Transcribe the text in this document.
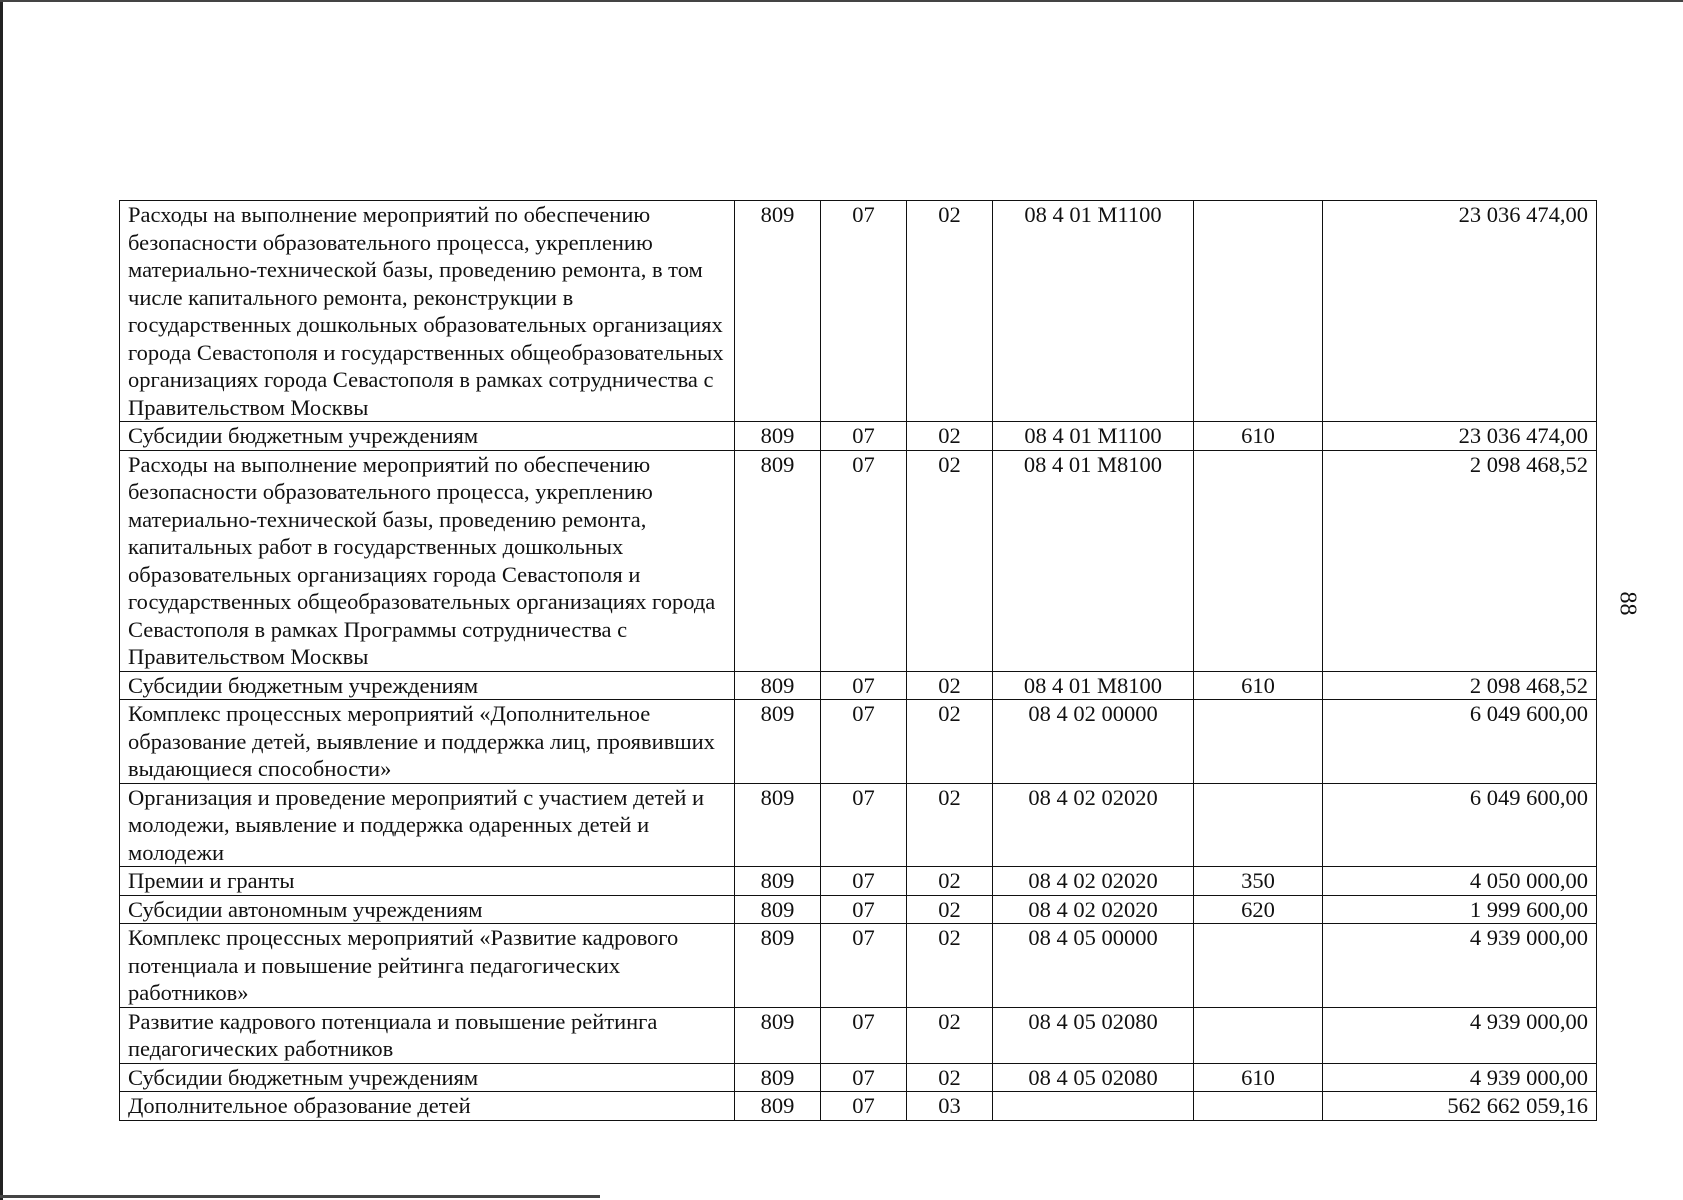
88
Расходы на выполнение мероприятий по обеспечению безопасности образовательного процесса, укреплению материально-технической базы, проведению ремонта, в том числе капитального ремонта, реконструкции в государственных дошкольных образовательных организациях города Севастополя и государственных общеобразовательных организациях города Севастополя в рамках сотрудничества с Правительством Москвы	809	07	02	08 4 01 М1100		23 036 474,00
Субсидии бюджетным учреждениям	809	07	02	08 4 01 М1100	610	23 036 474,00
Расходы на выполнение мероприятий по обеспечению безопасности образовательного процесса, укреплению материально-технической базы, проведению ремонта, капитальных работ в государственных дошкольных образовательных организациях города Севастополя и государственных общеобразовательных организациях города Севастополя в рамках Программы сотрудничества с Правительством Москвы	809	07	02	08 4 01 М8100		2 098 468,52
Субсидии бюджетным учреждениям	809	07	02	08 4 01 М8100	610	2 098 468,52
Комплекс процессных мероприятий «Дополнительное образование детей, выявление и поддержка лиц, проявивших выдающиеся способности»	809	07	02	08 4 02 00000		6 049 600,00
Организация и проведение мероприятий с участием детей и молодежи, выявление и поддержка одаренных детей и молодежи	809	07	02	08 4 02 02020		6 049 600,00
Премии и гранты	809	07	02	08 4 02 02020	350	4 050 000,00
Субсидии автономным учреждениям	809	07	02	08 4 02 02020	620	1 999 600,00
Комплекс процессных мероприятий «Развитие кадрового потенциала и повышение рейтинга педагогических работников»	809	07	02	08 4 05 00000		4 939 000,00
Развитие кадрового потенциала и повышение рейтинга педагогических работников	809	07	02	08 4 05 02080		4 939 000,00
Субсидии бюджетным учреждениям	809	07	02	08 4 05 02080	610	4 939 000,00
Дополнительное образование детей	809	07	03			562 662 059,16
